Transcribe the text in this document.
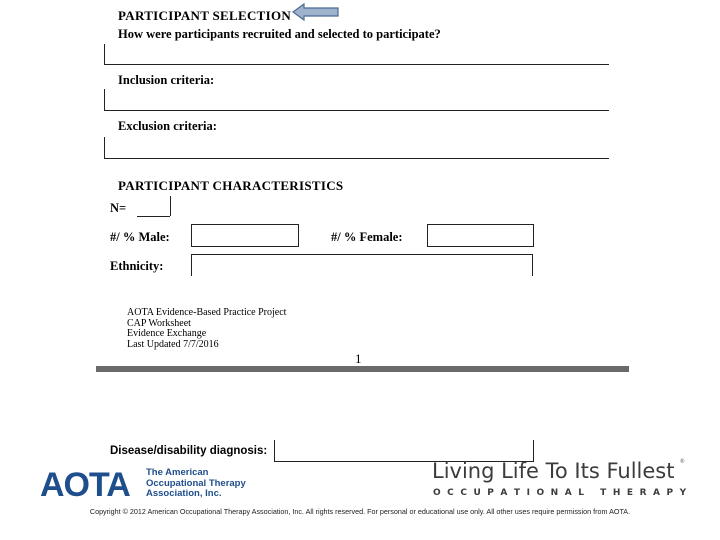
PARTICIPANT SELECTION
How were participants recruited and selected to participate?
Inclusion criteria:
Exclusion criteria:
PARTICIPANT CHARACTERISTICS
N=
#/ % Male:	#/ % Female:
Ethnicity:
AOTA Evidence-Based Practice Project
CAP Worksheet
Evidence Exchange
Last Updated 7/7/2016
1
Disease/disability diagnosis:
AOTA The American
Occupational Therapy
Association, Inc.
Living Life To Its Fullest ®
O C C U P A T I O N A L   T H E R A P Y
Copyright © 2012 American Occupational Therapy Association, Inc. All rights reserved. For personal or educational use only. All other uses require permission from AOTA.
